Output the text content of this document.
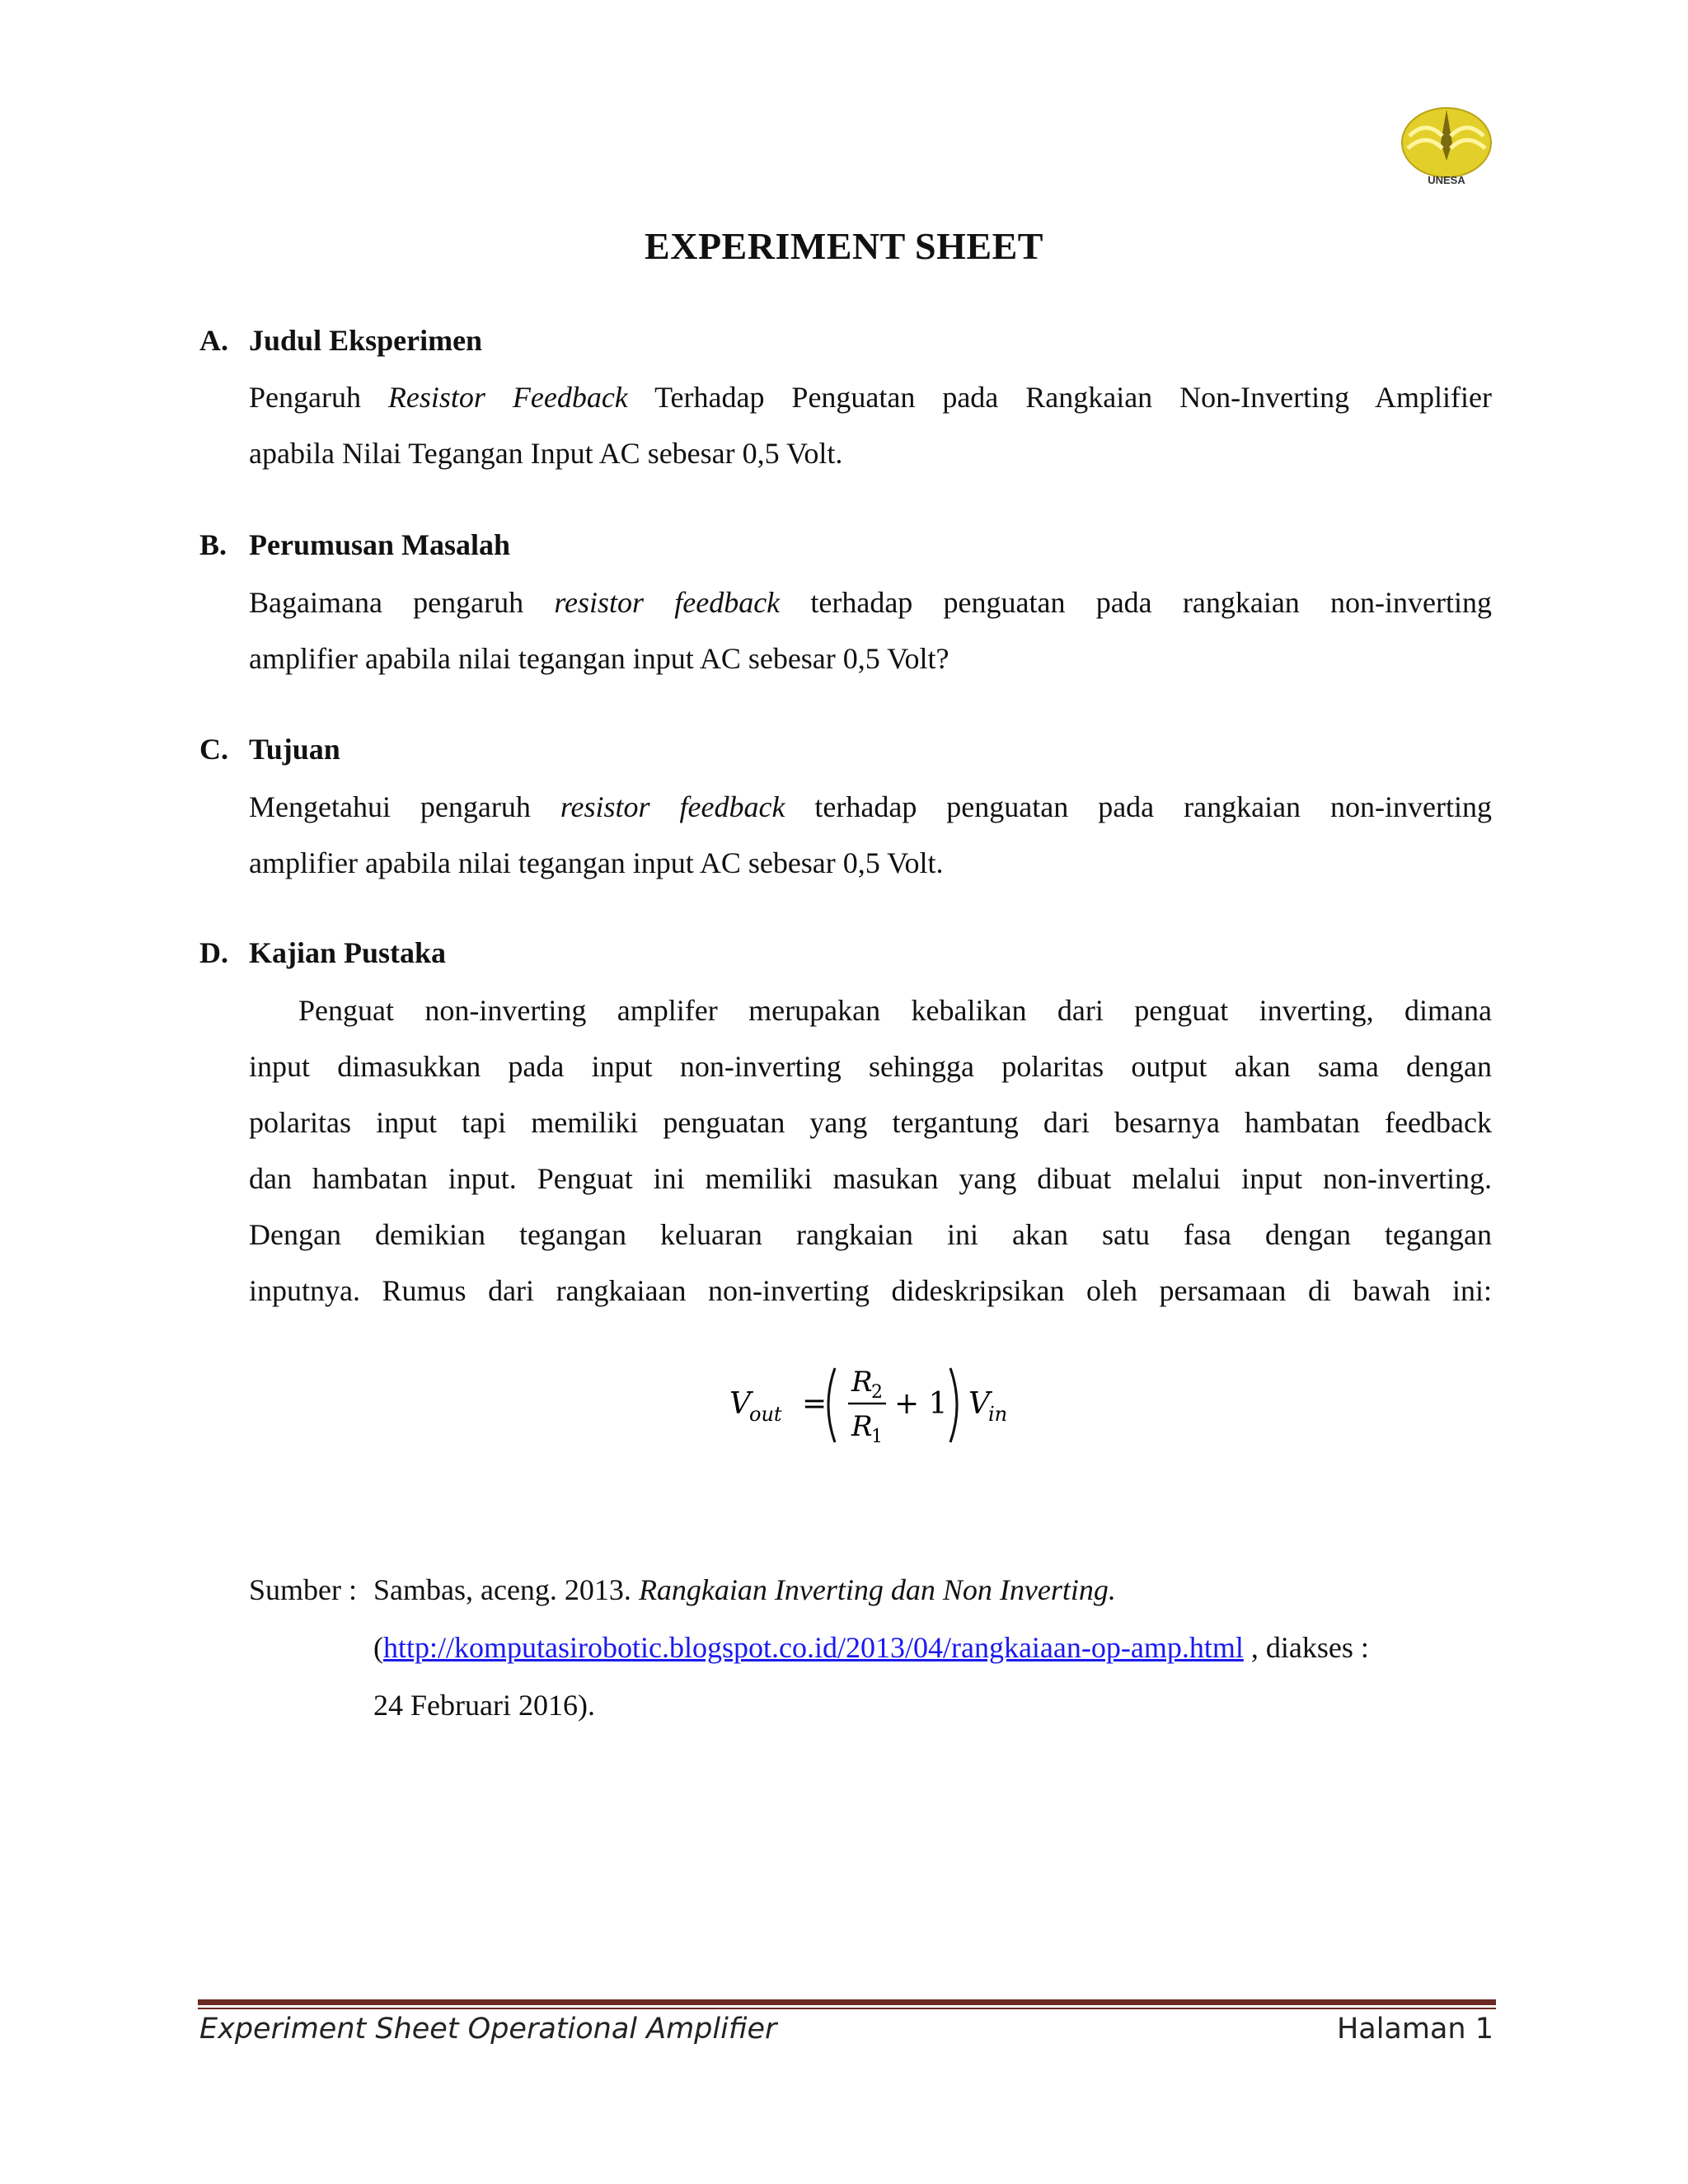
UNESA
EXPERIMENT SHEET
A. Judul Eksperimen
Pengaruh Resistor Feedback Terhadap Penguatan pada Rangkaian Non-Inverting Amplifier
apabila Nilai Tegangan Input AC sebesar 0,5 Volt.
B. Perumusan Masalah
Bagaimana pengaruh resistor feedback terhadap penguatan pada rangkaian non-inverting
amplifier apabila nilai tegangan input AC sebesar 0,5 Volt?
C. Tujuan
Mengetahui pengaruh resistor feedback terhadap penguatan pada rangkaian non-inverting
amplifier apabila nilai tegangan input AC sebesar 0,5 Volt.
D. Kajian Pustaka
Penguat non-inverting amplifer merupakan kebalikan dari penguat inverting, dimana
input dimasukkan pada input non-inverting sehingga polaritas output akan sama dengan
polaritas input tapi memiliki penguatan yang tergantung dari besarnya hambatan feedback
dan hambatan input. Penguat ini memiliki masukan yang dibuat melalui input non-inverting.
Dengan demikian tegangan keluaran rangkaian ini akan satu fasa dengan tegangan
inputnya. Rumus dari rangkaiaan non-inverting dideskripsikan oleh persamaan di bawah ini:
V
out =
R
2
R
1
+ 1 V
in
Sumber : Sambas, aceng. 2013. Rangkaian Inverting dan Non Inverting.
(http://komputasirobotic.blogspot.co.id/2013/04/rangkaiaan-op-amp.html , diakses :
24 Februari 2016).
Experiment Sheet Operational Amplifier	Halaman 1
